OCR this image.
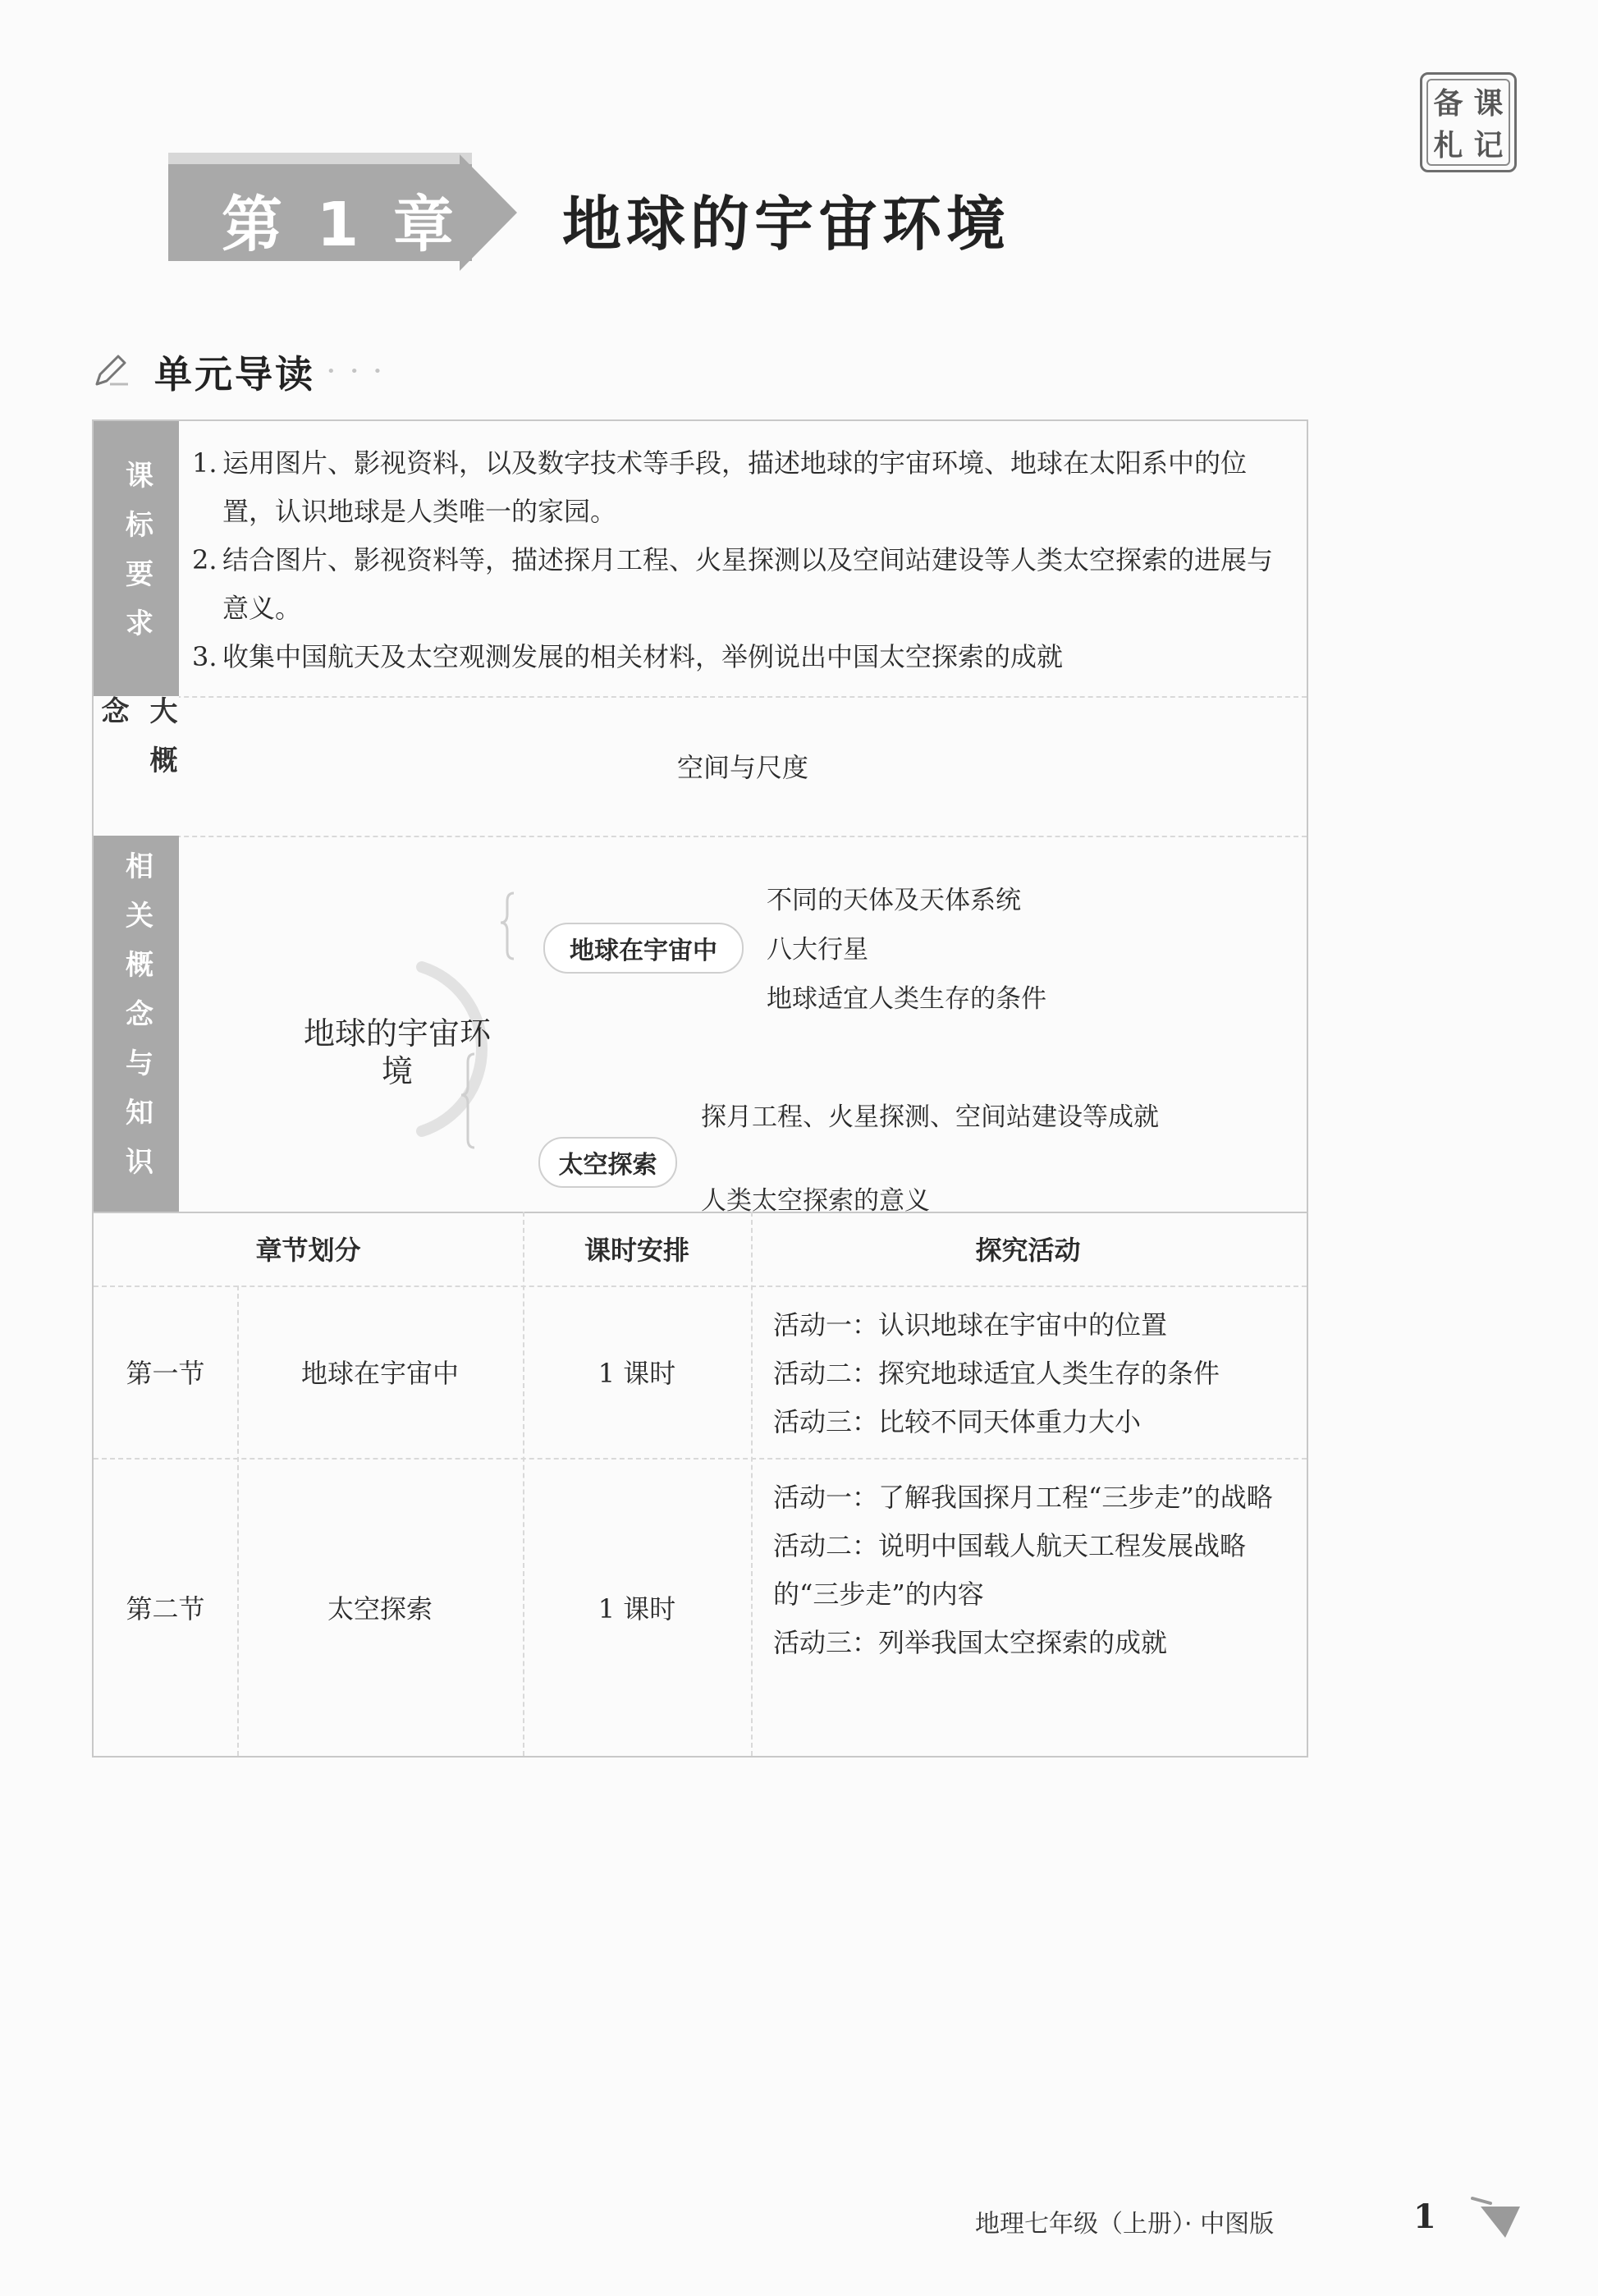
备 课
札 记
第 1 章 地球的宇宙环境
单元导读 • • •
课标要求 1. 运用图片、影视资料，以及数字技术等手段，描述地球的宇宙环境、地球在太阳系中的位置，认识地球是人类唯一的家园。
2. 结合图片、影视资料等，描述探月工程、火星探测以及空间站建设等人类太空探索的进展与意义。
3. 收集中国航天及太空观测发展的相关材料，举例说出中国太空探索的成就
大概念
空间与尺度
相关概念与知识	地球的宇宙环境
地球在宇宙中
不同的天体及天体系统
八大行星
地球适宜人类生存的条件
太空探索
探月工程、火星探测、空间站建设等成就
人类太空探索的意义
章节划分	课时安排	探究活动
第一节	地球在宇宙中	1 课时
活动一：认识地球在宇宙中的位置
活动二：探究地球适宜人类生存的条件
活动三：比较不同天体重力大小
第二节	太空探索	1 课时
活动一：了解我国探月工程“三步走”的战略
活动二：说明中国载人航天工程发展战略的“三步走”的内容
活动三：列举我国太空探索的成就
地理七年级（上册）· 中图版	1
